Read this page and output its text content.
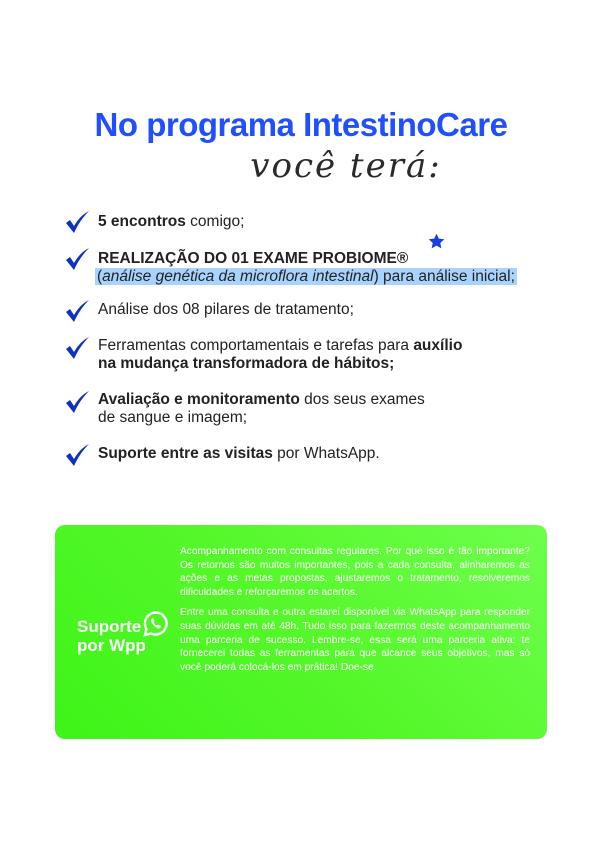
No programa IntestinoCare
você terá:
5 encontros comigo;
REALIZAÇÃO DO 01 EXAME PROBIOME®
(análise genética da microflora intestinal) para análise inicial;
Análise dos 08 pilares de tratamento;
Ferramentas comportamentais e tarefas para auxílio
na mudança transformadora de hábitos;
Avaliação e monitoramento dos seus exames
de sangue e imagem;
Suporte entre as visitas por WhatsApp.
Suporte
por Wpp

Acompanhamento com consultas regulares. Por que isso é tão importante? Os retornos são muitos importantes, pois a cada consulta, alinharemos as ações e as metas propostas, ajustaremos o tratamento, resolveremos dificuldades e reforçaremos os acertos.

Entre uma consulta e outra estarei disponível via WhatsApp para responder suas dúvidas em até 48h. Tudo isso para fazermos deste acompanhamento uma parceria de sucesso. Lembre-se, essa será uma parceria ativa: te fornecerei todas as ferramentas para que alcance seus objetivos, mas só você poderá colocá-los em prática! Doe-se.
